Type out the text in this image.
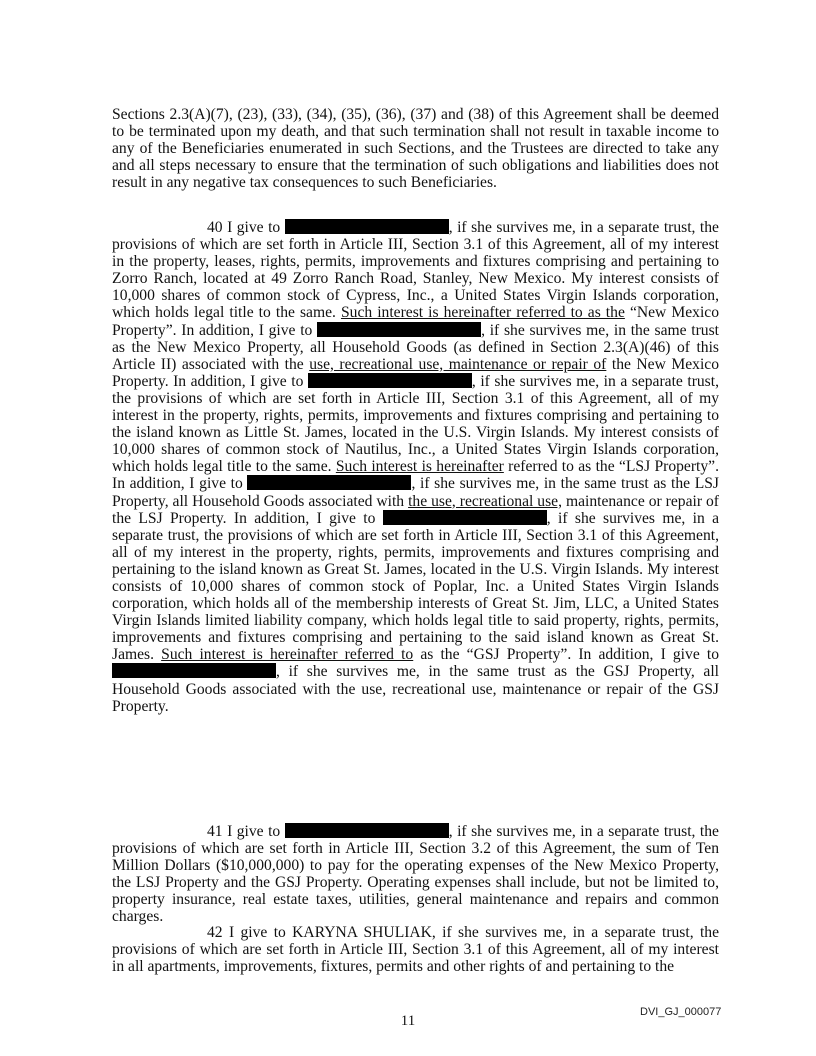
Sections 2.3(A)(7), (23), (33), (34), (35), (36), (37) and (38) of this Agreement shall be deemed to be terminated upon my death, and that such termination shall not result in taxable income to any of the Beneficiaries enumerated in such Sections, and the Trustees are directed to take any and all steps necessary to ensure that the termination of such obligations and liabilities does not result in any negative tax consequences to such Beneficiaries.

40 I give to	, if she survives me, in a separate trust, the provisions of which are set forth in Article III, Section 3.1 of this Agreement, all of my interest in the property, leases, rights, permits, improvements and fixtures comprising and pertaining to Zorro Ranch, located at 49 Zorro Ranch Road, Stanley, New Mexico. My interest consists of 10,000 shares of common stock of Cypress, Inc., a United States Virgin Islands corporation, which holds legal title to the same. Such interest is hereinafter referred to as the “New Mexico Property”. In addition, I give to	, if she survives me, in the same trust as the New Mexico Property, all Household Goods (as defined in Section 2.3(A)(46) of this Article II) associated with the use, recreational use, maintenance or repair of the New Mexico Property. In addition, I give to	, if she survives me, in a separate trust, the provisions of which are set forth in Article III, Section 3.1 of this Agreement, all of my interest in the property, rights, permits, improvements and fixtures comprising and pertaining to the island known as Little St. James, located in the U.S. Virgin Islands. My interest consists of 10,000 shares of common stock of Nautilus, Inc., a United States Virgin Islands corporation, which holds legal title to the same. Such interest is hereinafter referred to as the “LSJ Property”. In addition, I give to	, if she survives me, in the same trust as the LSJ Property, all Household Goods associated with the use, recreational use, maintenance or repair of the LSJ Property. In addition, I give to	, if she survives me, in a separate trust, the provisions of which are set forth in Article III, Section 3.1 of this Agreement, all of my interest in the property, rights, permits, improvements and fixtures comprising and pertaining to the island known as Great St. James, located in the U.S. Virgin Islands. My interest consists of 10,000 shares of common stock of Poplar, Inc. a United States Virgin Islands corporation, which holds all of the membership interests of Great St. Jim, LLC, a United States Virgin Islands limited liability company, which holds legal title to said property, rights, permits, improvements and fixtures comprising and pertaining to the said island known as Great St. James. Such interest is hereinafter referred to as the “GSJ Property”. In addition, I give to , if she survives me, in the same trust as the GSJ Property, all Household Goods associated with the use, recreational use, maintenance or repair of the GSJ Property.

41 I give to	, if she survives me, in a separate trust, the provisions of which are set forth in Article III, Section 3.2 of this Agreement, the sum of Ten Million Dollars ($10,000,000) to pay for the operating expenses of the New Mexico Property, the LSJ Property and the GSJ Property. Operating expenses shall include, but not be limited to, property insurance, real estate taxes, utilities, general maintenance and repairs and common charges.

42 I give to KARYNA SHULIAK, if she survives me, in a separate trust, the provisions of which are set forth in Article III, Section 3.1 of this Agreement, all of my interest in all apartments, improvements, fixtures, permits and other rights of and pertaining to the

DVI_GJ_000077
11
